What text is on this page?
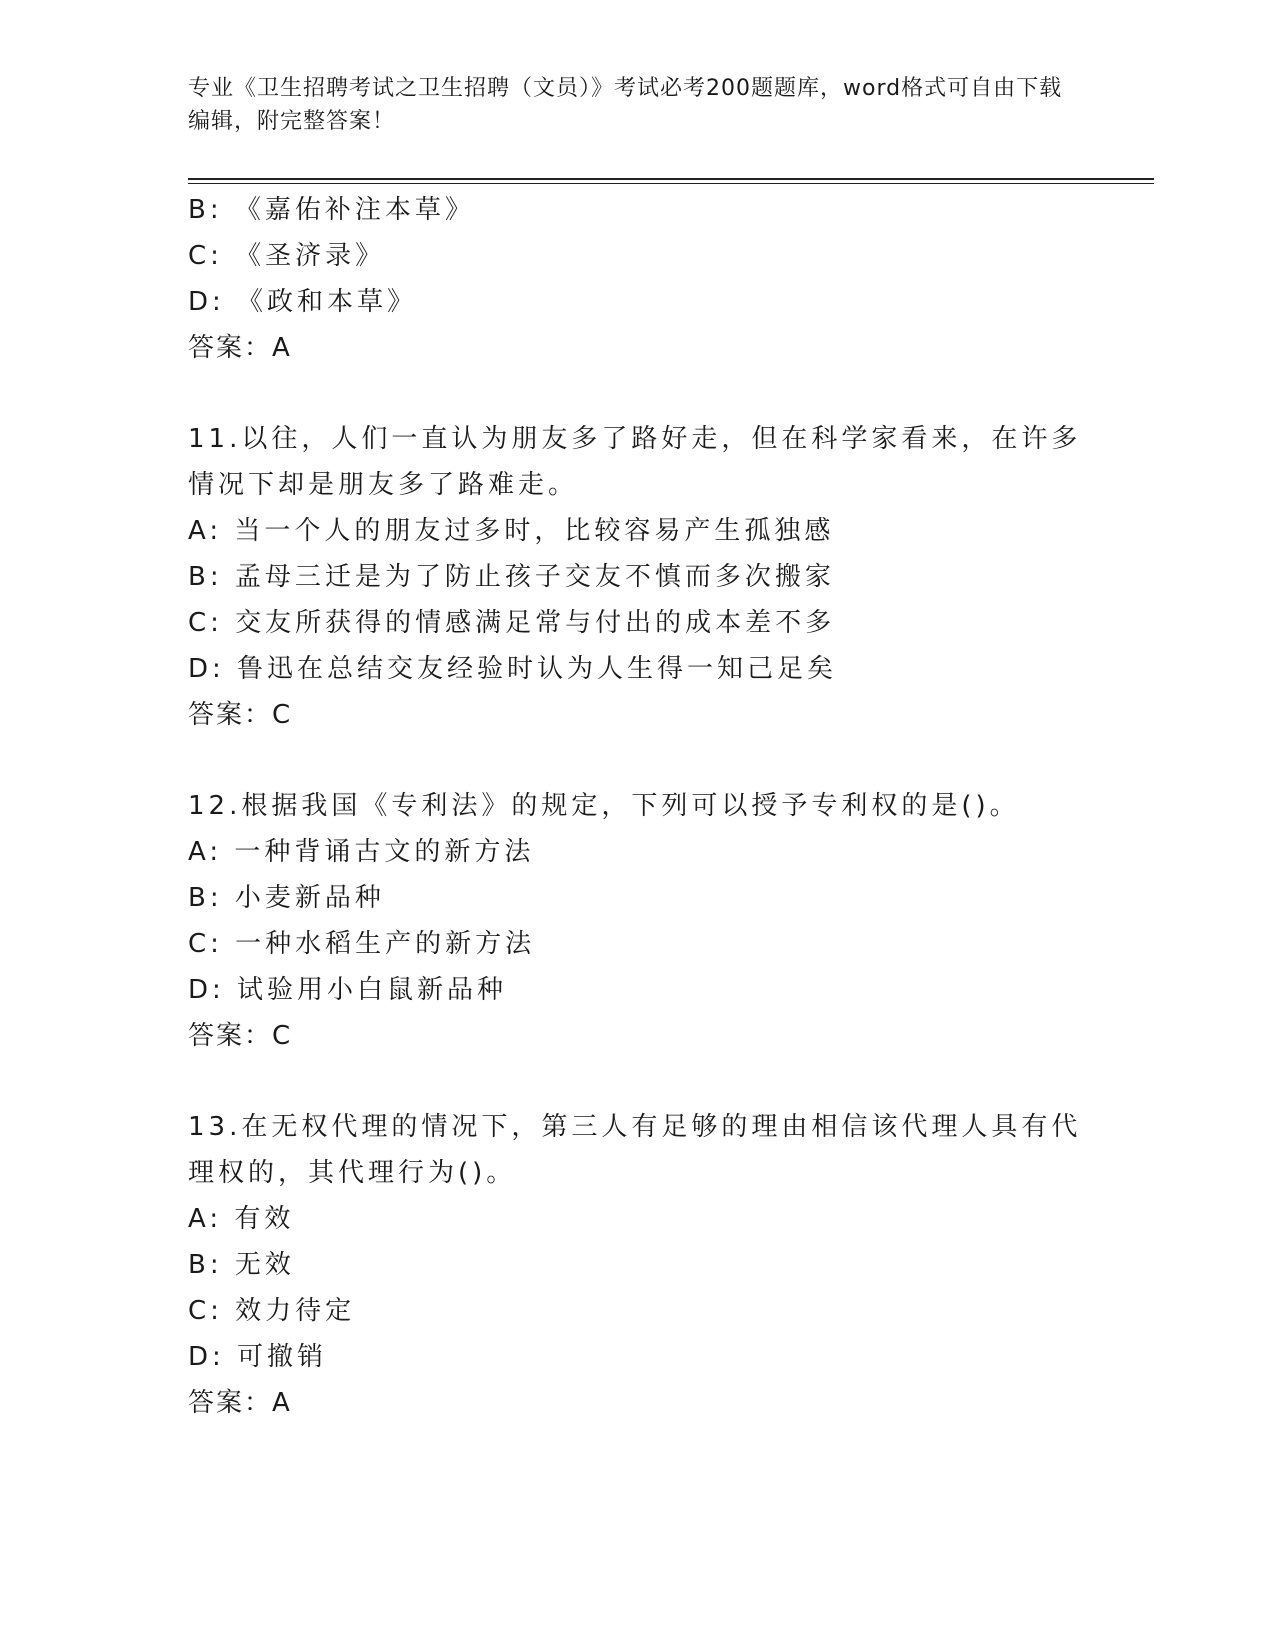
专业《卫生招聘考试之卫生招聘（文员）》考试必考200题题库，word格式可自由下载编辑，附完整答案！
B: 《嘉佑补注本草》
C: 《圣济录》
D: 《政和本草》
答案：A
11.以往，人们一直认为朋友多了路好走，但在科学家看来，在许多情况下却是朋友多了路难走。
A: 当一个人的朋友过多时，比较容易产生孤独感
B: 孟母三迁是为了防止孩子交友不慎而多次搬家
C: 交友所获得的情感满足常与付出的成本差不多
D: 鲁迅在总结交友经验时认为人生得一知己足矣
答案：C
12.根据我国《专利法》的规定，下列可以授予专利权的是()。
A: 一种背诵古文的新方法
B: 小麦新品种
C: 一种水稻生产的新方法
D: 试验用小白鼠新品种
答案：C
13.在无权代理的情况下，第三人有足够的理由相信该代理人具有代理权的，其代理行为()。
A: 有效
B: 无效
C: 效力待定
D: 可撤销
答案：A
